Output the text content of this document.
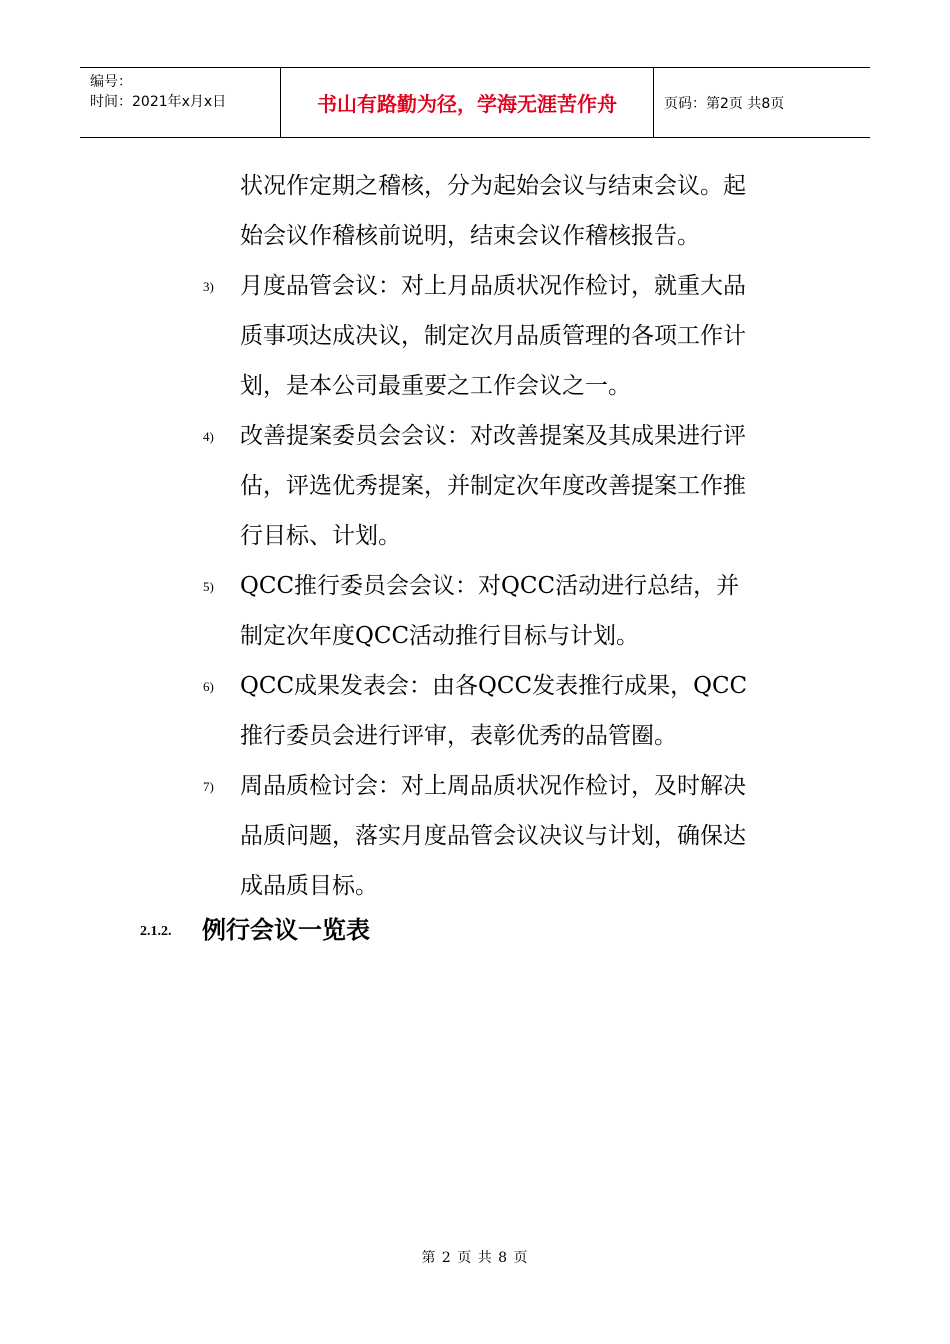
编号：
时间：2021年x月x日	书山有路勤为径，学海无涯苦作舟	页码：第2页 共8页
状况作定期之稽核，分为起始会议与结束会议。起
始会议作稽核前说明，结束会议作稽核报告。
3) 月度品管会议：对上月品质状况作检讨，就重大品
质事项达成决议，制定次月品质管理的各项工作计
划，是本公司最重要之工作会议之一。
4) 改善提案委员会会议：对改善提案及其成果进行评
估，评选优秀提案，并制定次年度改善提案工作推
行目标、计划。
5) QCC推行委员会会议：对QCC活动进行总结，并
制定次年度QCC活动推行目标与计划。
6) QCC成果发表会：由各QCC发表推行成果，QCC
推行委员会进行评审，表彰优秀的品管圈。
7) 周品质检讨会：对上周品质状况作检讨，及时解决
品质问题，落实月度品管会议决议与计划，确保达
成品质目标。
2.1.2. 例行会议一览表
第 2 页 共 8 页
